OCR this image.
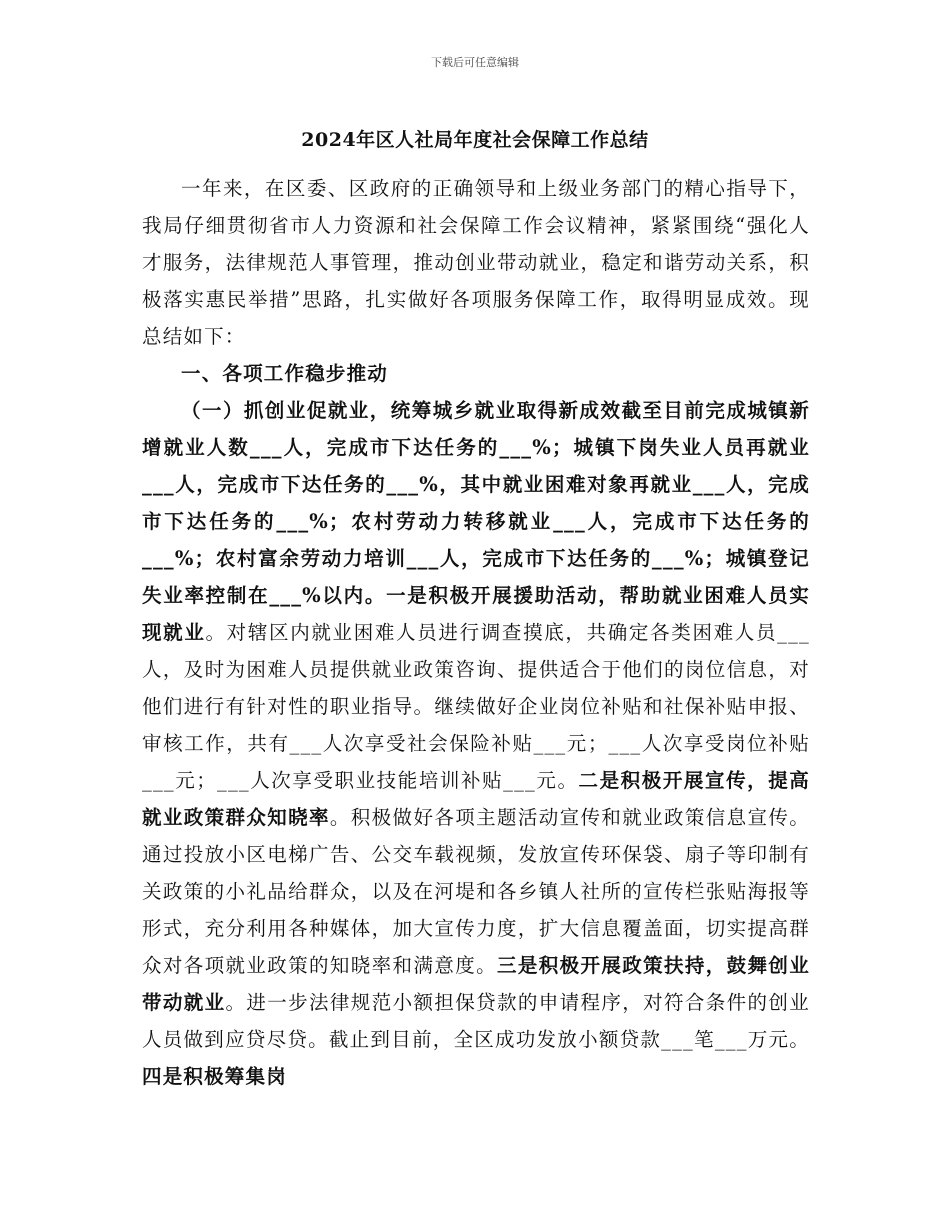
下载后可任意编辑
2024年区人社局年度社会保障工作总结

一年来，在区委、区政府的正确领导和上级业务部门的精心指导下，我局仔细贯彻省市人力资源和社会保障工作会议精神，紧紧围绕“强化人才服务，法律规范人事管理，推动创业带动就业，稳定和谐劳动关系，积极落实惠民举措”思路，扎实做好各项服务保障工作，取得明显成效。现总结如下：

一、各项工作稳步推动

（一）抓创业促就业，统筹城乡就业取得新成效截至目前完成城镇新增就业人数___人，完成市下达任务的___%；城镇下岗失业人员再就业___人，完成市下达任务的___%，其中就业困难对象再就业___人，完成市下达任务的___%；农村劳动力转移就业___人，完成市下达任务的___%；农村富余劳动力培训___人，完成市下达任务的___%；城镇登记失业率控制在___%以内。一是积极开展援助活动，帮助就业困难人员实现就业。对辖区内就业困难人员进行调查摸底，共确定各类困难人员___人，及时为困难人员提供就业政策咨询、提供适合于他们的岗位信息，对他们进行有针对性的职业指导。继续做好企业岗位补贴和社保补贴申报、审核工作，共有___人次享受社会保险补贴___元；___人次享受岗位补贴___元；___人次享受职业技能培训补贴___元。二是积极开展宣传，提高就业政策群众知晓率。积极做好各项主题活动宣传和就业政策信息宣传。通过投放小区电梯广告、公交车载视频，发放宣传环保袋、扇子等印制有关政策的小礼品给群众，以及在河堤和各乡镇人社所的宣传栏张贴海报等形式，充分利用各种媒体，加大宣传力度，扩大信息覆盖面，切实提高群众对各项就业政策的知晓率和满意度。三是积极开展政策扶持，鼓舞创业带动就业。进一步法律规范小额担保贷款的申请程序，对符合条件的创业人员做到应贷尽贷。截止到目前，全区成功发放小额贷款___笔___万元。四是积极筹集岗
